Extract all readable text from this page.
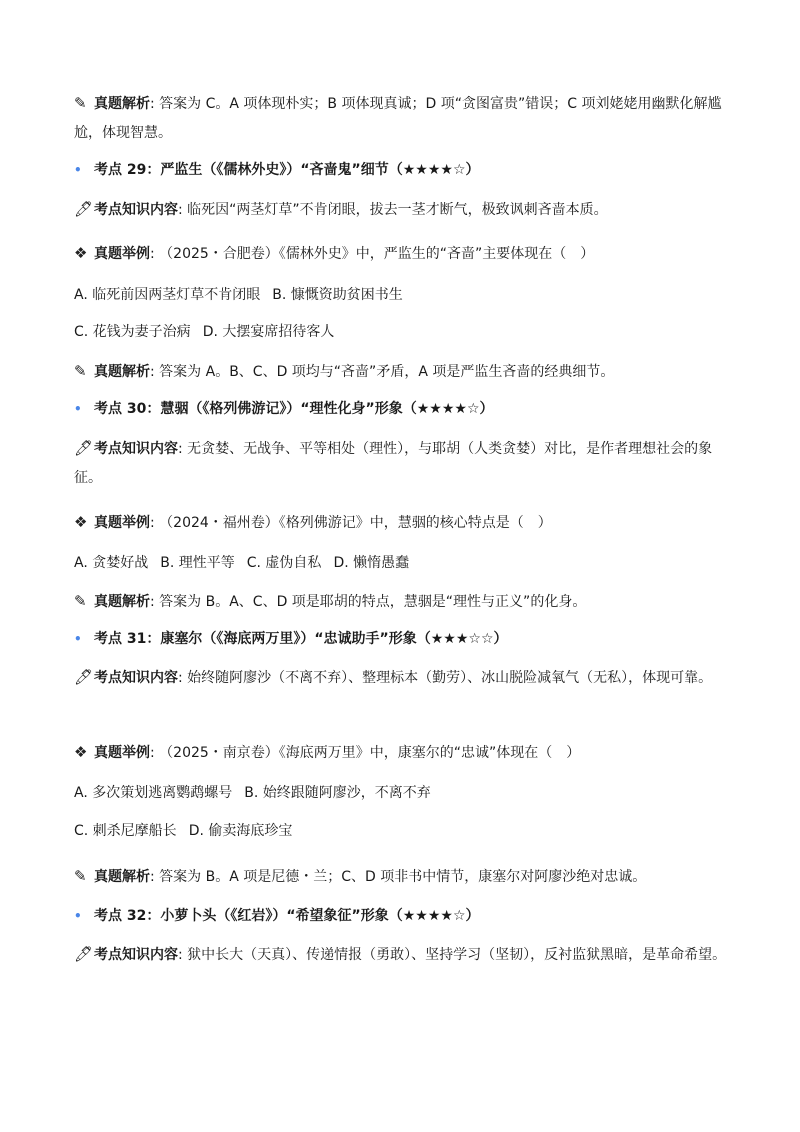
✎ 真题解析: 答案为 C。A 项体现朴实；B 项体现真诚；D 项“贪图富贵”错误；C 项刘姥姥用幽默化解尴尬，体现智慧。
• 考点 29：严监生（《儒林外史》）“吝啬鬼”细节（★★★★☆）
🖊考点知识内容: 临死因“两茎灯草”不肯闭眼，拔去一茎才断气，极致讽刺吝啬本质。
❖ 真题举例: （2025・合肥卷）《儒林外史》中，严监生的“吝啬”主要体现在（　）
A. 临死前因两茎灯草不肯闭眼 B. 慷慨资助贫困书生
C. 花钱为妻子治病 D. 大摆宴席招待客人
✎ 真题解析: 答案为 A。B、C、D 项均与“吝啬”矛盾，A 项是严监生吝啬的经典细节。
• 考点 30：慧骃（《格列佛游记》）“理性化身”形象（★★★★☆）
🖊考点知识内容: 无贪婪、无战争、平等相处（理性），与耶胡（人类贪婪）对比，是作者理想社会的象征。
❖ 真题举例: （2024・福州卷）《格列佛游记》中，慧骃的核心特点是（　）
A. 贪婪好战 B. 理性平等 C. 虚伪自私 D. 懒惰愚蠢
✎ 真题解析: 答案为 B。A、C、D 项是耶胡的特点，慧骃是“理性与正义”的化身。
• 考点 31：康塞尔（《海底两万里》）“忠诚助手”形象（★★★☆☆）
🖊考点知识内容: 始终随阿廖沙（不离不弃）、整理标本（勤劳）、冰山脱险减氧气（无私），体现可靠。
❖ 真题举例: （2025・南京卷）《海底两万里》中，康塞尔的“忠诚”体现在（　）
A. 多次策划逃离鹦鹉螺号 B. 始终跟随阿廖沙，不离不弃
C. 刺杀尼摩船长 D. 偷卖海底珍宝
✎ 真题解析: 答案为 B。A 项是尼德・兰；C、D 项非书中情节，康塞尔对阿廖沙绝对忠诚。
• 考点 32：小萝卜头（《红岩》）“希望象征”形象（★★★★☆）
🖊考点知识内容: 狱中长大（天真）、传递情报（勇敢）、坚持学习（坚韧），反衬监狱黑暗，是革命希望。
